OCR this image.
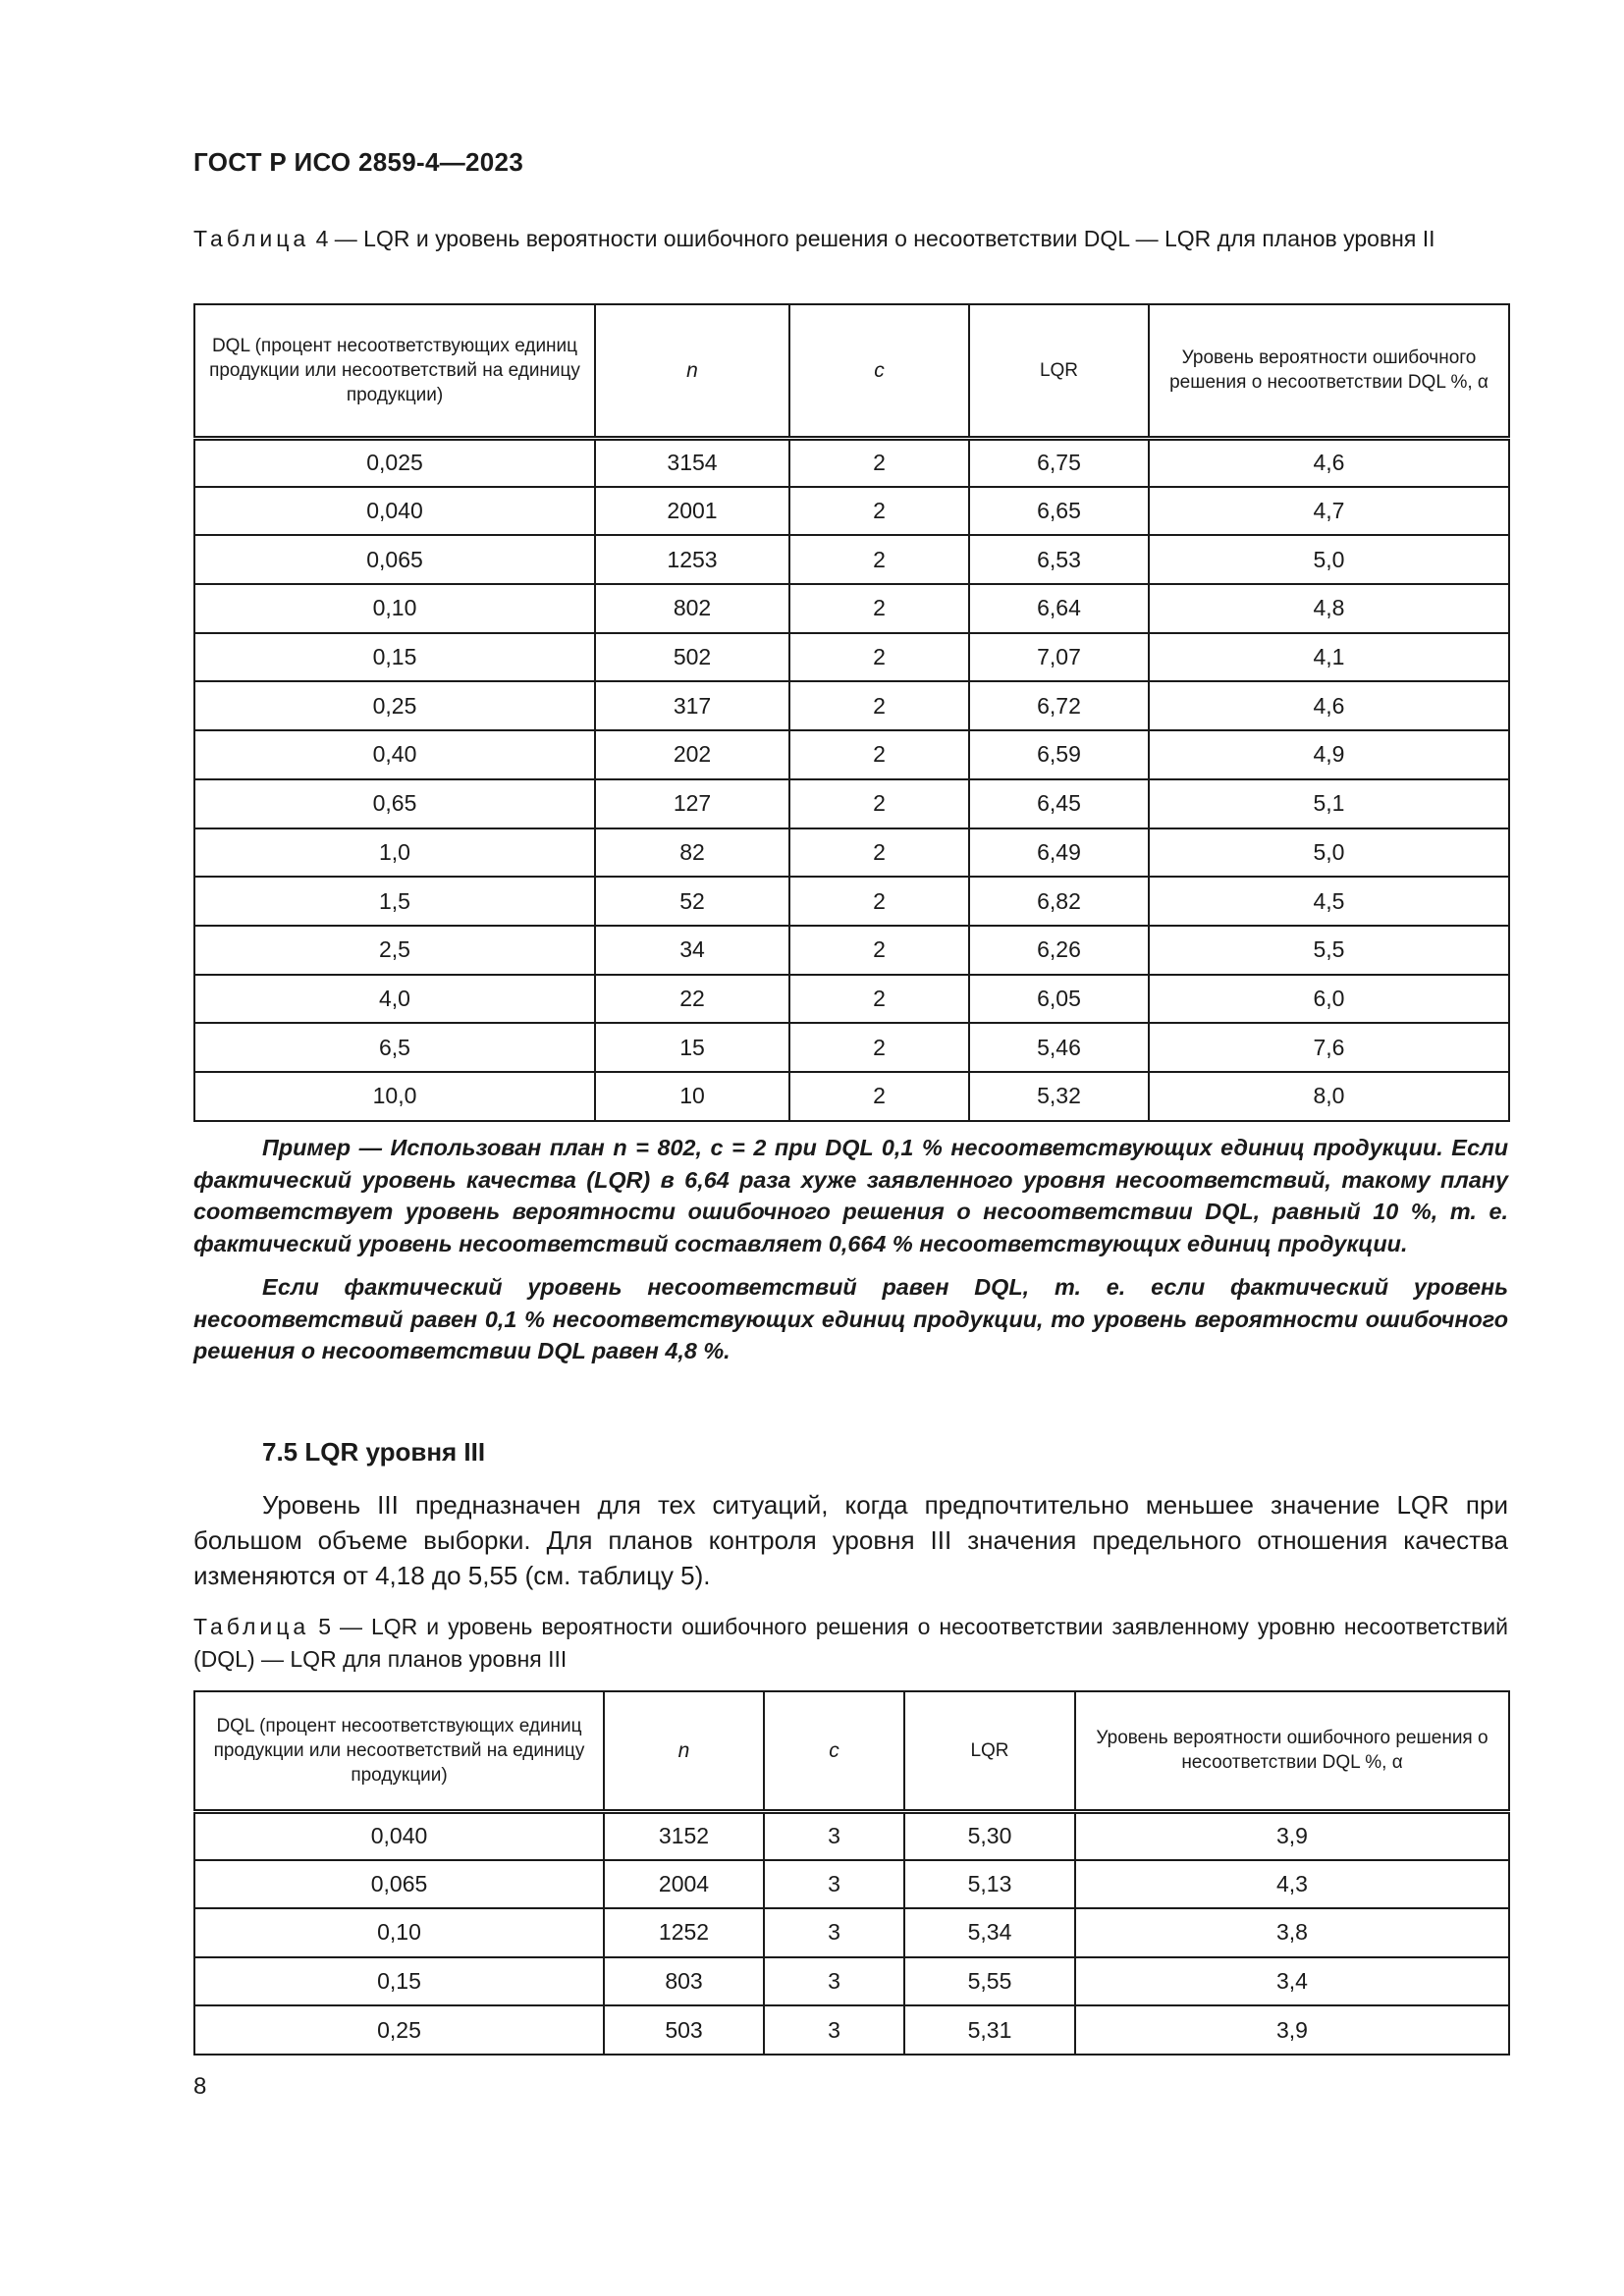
ГОСТ Р ИСО 2859-4—2023
Таблица 4 — LQR и уровень вероятности ошибочного решения о несоответствии DQL — LQR для планов уровня II
DQL (процент несоответствующих единиц продукции или несоответствий на единицу продукции)	n	c	LQR	Уровень вероятности ошибочного решения о несоответствии DQL %, α
0,025	3154	2	6,75	4,6
0,040	2001	2	6,65	4,7
0,065	1253	2	6,53	5,0
0,10	802	2	6,64	4,8
0,15	502	2	7,07	4,1
0,25	317	2	6,72	4,6
0,40	202	2	6,59	4,9
0,65	127	2	6,45	5,1
1,0	82	2	6,49	5,0
1,5	52	2	6,82	4,5
2,5	34	2	6,26	5,5
4,0	22	2	6,05	6,0
6,5	15	2	5,46	7,6
10,0	10	2	5,32	8,0

Пример — Использован план n = 802, c = 2 при DQL 0,1 % несоответствующих единиц продукции. Если фактический уровень качества (LQR) в 6,64 раза хуже заявленного уровня несоответствий, такому плану соответствует уровень вероятности ошибочного решения о несоответствии DQL, равный 10 %, т. е. фактический уровень несоответствий составляет 0,664 % несоответствующих единиц продукции.

Если фактический уровень несоответствий равен DQL, т. е. если фактический уровень несоответствий равен 0,1 % несоответствующих единиц продукции, то уровень вероятности ошибочного решения о несоответствии DQL равен 4,8 %.

7.5 LQR уровня III
Уровень III предназначен для тех ситуаций, когда предпочтительно меньшее значение LQR при большом объеме выборки. Для планов контроля уровня III значения предельного отношения качества изменяются от 4,18 до 5,55 (см. таблицу 5).
Таблица 5 — LQR и уровень вероятности ошибочного решения о несоответствии заявленному уровню несоответствий (DQL) — LQR для планов уровня III
DQL (процент несоответствующих единиц продукции или несоответствий на единицу продукции)	n	c	LQR	Уровень вероятности ошибочного решения о несоответствии DQL %, α
0,040	3152	3	5,30	3,9
0,065	2004	3	5,13	4,3
0,10	1252	3	5,34	3,8
0,15	803	3	5,55	3,4
0,25	503	3	5,31	3,9
8
